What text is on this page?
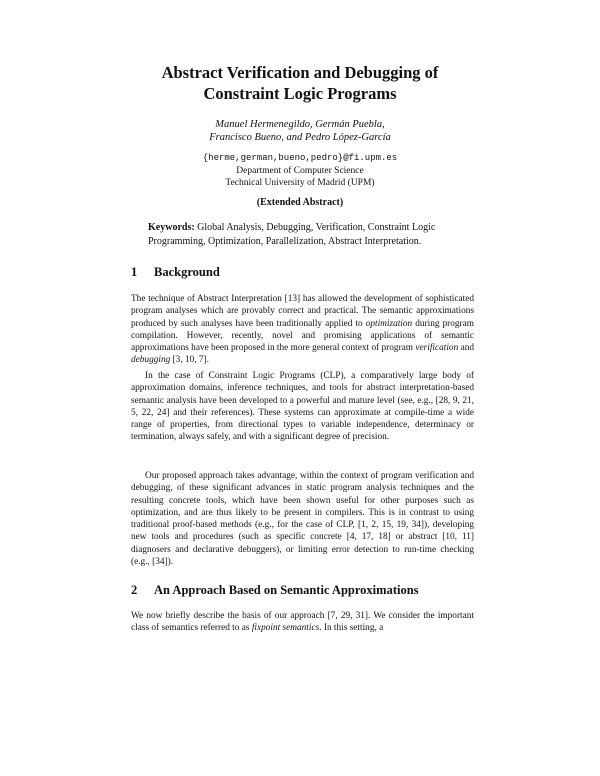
Abstract Verification and Debugging of
Constraint Logic Programs
Manuel Hermenegildo, Germán Puebla,
Francisco Bueno, and Pedro López-García
{herme,german,bueno,pedro}@fi.upm.es
Department of Computer Science
Technical University of Madrid (UPM)
(Extended Abstract)
Keywords: Global Analysis, Debugging, Verification, Constraint Logic Programming, Optimization, Parallelization, Abstract Interpretation.
1 Background
The technique of Abstract Interpretation [13] has allowed the development of sophisticated program analyses which are provably correct and practical. The semantic approximations produced by such analyses have been traditionally applied to optimization during program compilation. However, recently, novel and promising applications of semantic approximations have been proposed in the more general context of program verification and debugging [3, 10, 7].
In the case of Constraint Logic Programs (CLP), a comparatively large body of approximation domains, inference techniques, and tools for abstract interpretation-based semantic analysis have been developed to a powerful and mature level (see, e.g., [28, 9, 21, 5, 22, 24] and their references). These systems can approximate at compile-time a wide range of properties, from directional types to variable independence, determinacy or termination, always safely, and with a significant degree of precision.
Our proposed approach takes advantage, within the context of program verification and debugging, of these significant advances in static program analysis techniques and the resulting concrete tools, which have been shown useful for other purposes such as optimization, and are thus likely to be present in compilers. This is in contrast to using traditional proof-based methods (e.g., for the case of CLP, [1, 2, 15, 19, 34]), developing new tools and procedures (such as specific concrete [4, 17, 18] or abstract [10, 11] diagnosers and declarative debuggers), or limiting error detection to run-time checking (e.g., [34]).
2 An Approach Based on Semantic Approximations
We now briefly describe the basis of our approach [7, 29, 31]. We consider the important class of semantics referred to as fixpoint semantics. In this setting, a
